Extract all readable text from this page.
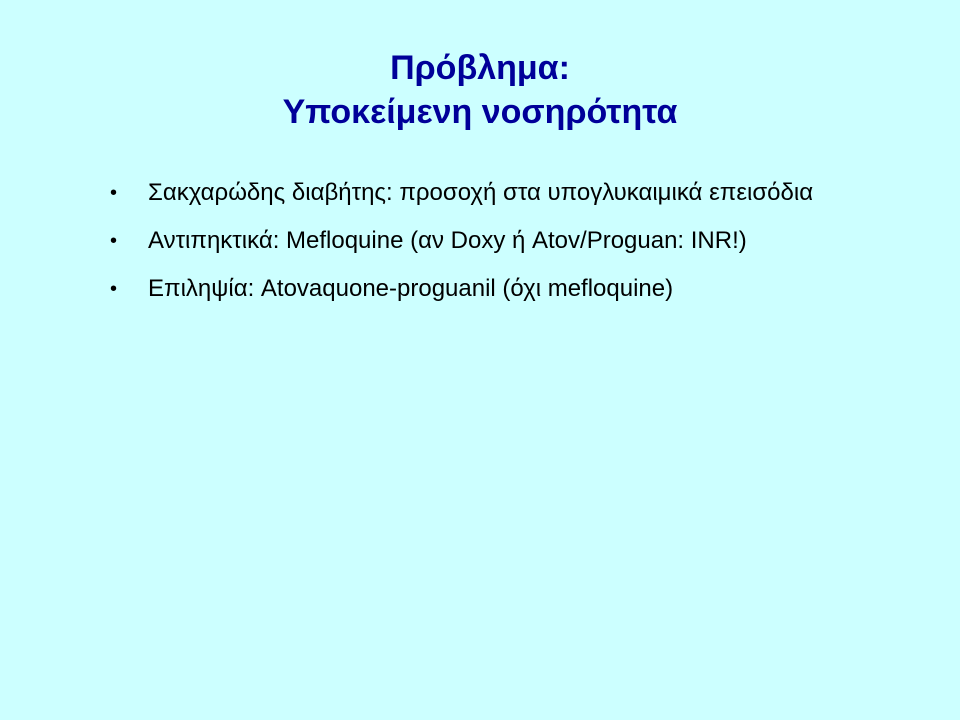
Πρόβλημα:
Υποκείμενη νοσηρότητα
• Σακχαρώδης διαβήτης: προσοχή στα υπογλυκαιμικά επεισόδια
• Αντιπηκτικά: Mefloquine (αν Doxy ή Atov/Proguan: INR!)
• Επιληψία: Atovaquone-proguanil (όχι mefloquine)
